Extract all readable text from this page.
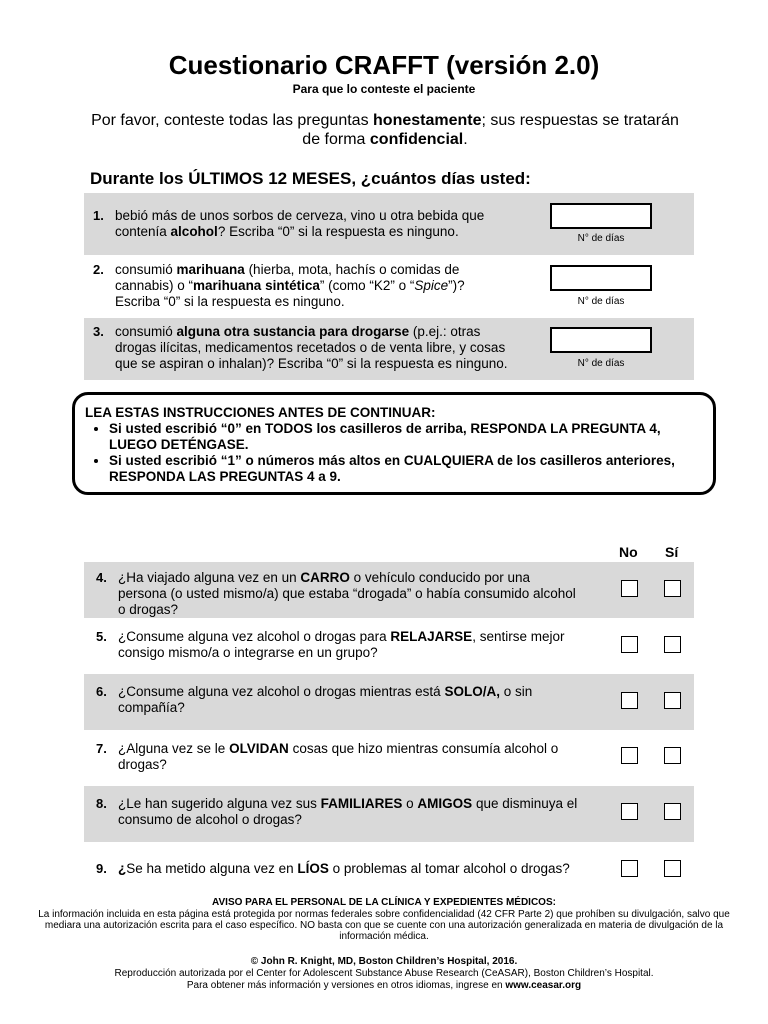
Cuestionario CRAFFT (versión 2.0)
Para que lo conteste el paciente
Por favor, conteste todas las preguntas honestamente; sus respuestas se tratarán de forma confidencial.
Durante los ÚLTIMOS 12 MESES, ¿cuántos días usted:
1. bebió más de unos sorbos de cerveza, vino u otra bebida que contenía alcohol? Escriba “0” si la respuesta es ninguno.	N° de días
2. consumió marihuana (hierba, mota, hachís o comidas de cannabis) o “marihuana sintética” (como “K2” o “Spice”)? Escriba “0” si la respuesta es ninguno.	N° de días
3. consumió alguna otra sustancia para drogarse (p.ej.: otras drogas ilícitas, medicamentos recetados o de venta libre, y cosas que se aspiran o inhalan)? Escriba “0” si la respuesta es ninguno.	N° de días
LEA ESTAS INSTRUCCIONES ANTES DE CONTINUAR:
• Si usted escribió “0” en TODOS los casilleros de arriba, RESPONDA LA PREGUNTA 4, LUEGO DETÉNGASE.
• Si usted escribió “1” o números más altos en CUALQUIERA de los casilleros anteriores, RESPONDA LAS PREGUNTAS 4 a 9.
No Sí
4. ¿Ha viajado alguna vez en un CARRO o vehículo conducido por una persona (o usted mismo/a) que estaba “drogada” o había consumido alcohol o drogas?
5. ¿Consume alguna vez alcohol o drogas para RELAJARSE, sentirse mejor consigo mismo/a o integrarse en un grupo?
6. ¿Consume alguna vez alcohol o drogas mientras está SOLO/A, o sin compañía?
7. ¿Alguna vez se le OLVIDAN cosas que hizo mientras consumía alcohol o drogas?
8. ¿Le han sugerido alguna vez sus FAMILIARES o AMIGOS que disminuya el consumo de alcohol o drogas?
9. ¿Se ha metido alguna vez en LÍOS o problemas al tomar alcohol o drogas?
AVISO PARA EL PERSONAL DE LA CLÍNICA Y EXPEDIENTES MÉDICOS:
La información incluida en esta página está protegida por normas federales sobre confidencialidad (42 CFR Parte 2) que prohíben su divulgación, salvo que mediara una autorización escrita para el caso específico. NO basta con que se cuente con una autorización generalizada en materia de divulgación de la información médica.
© John R. Knight, MD, Boston Children’s Hospital, 2016.
Reproducción autorizada por el Center for Adolescent Substance Abuse Research (CeASAR), Boston Children’s Hospital.
Para obtener más información y versiones en otros idiomas, ingrese en www.ceasar.org
